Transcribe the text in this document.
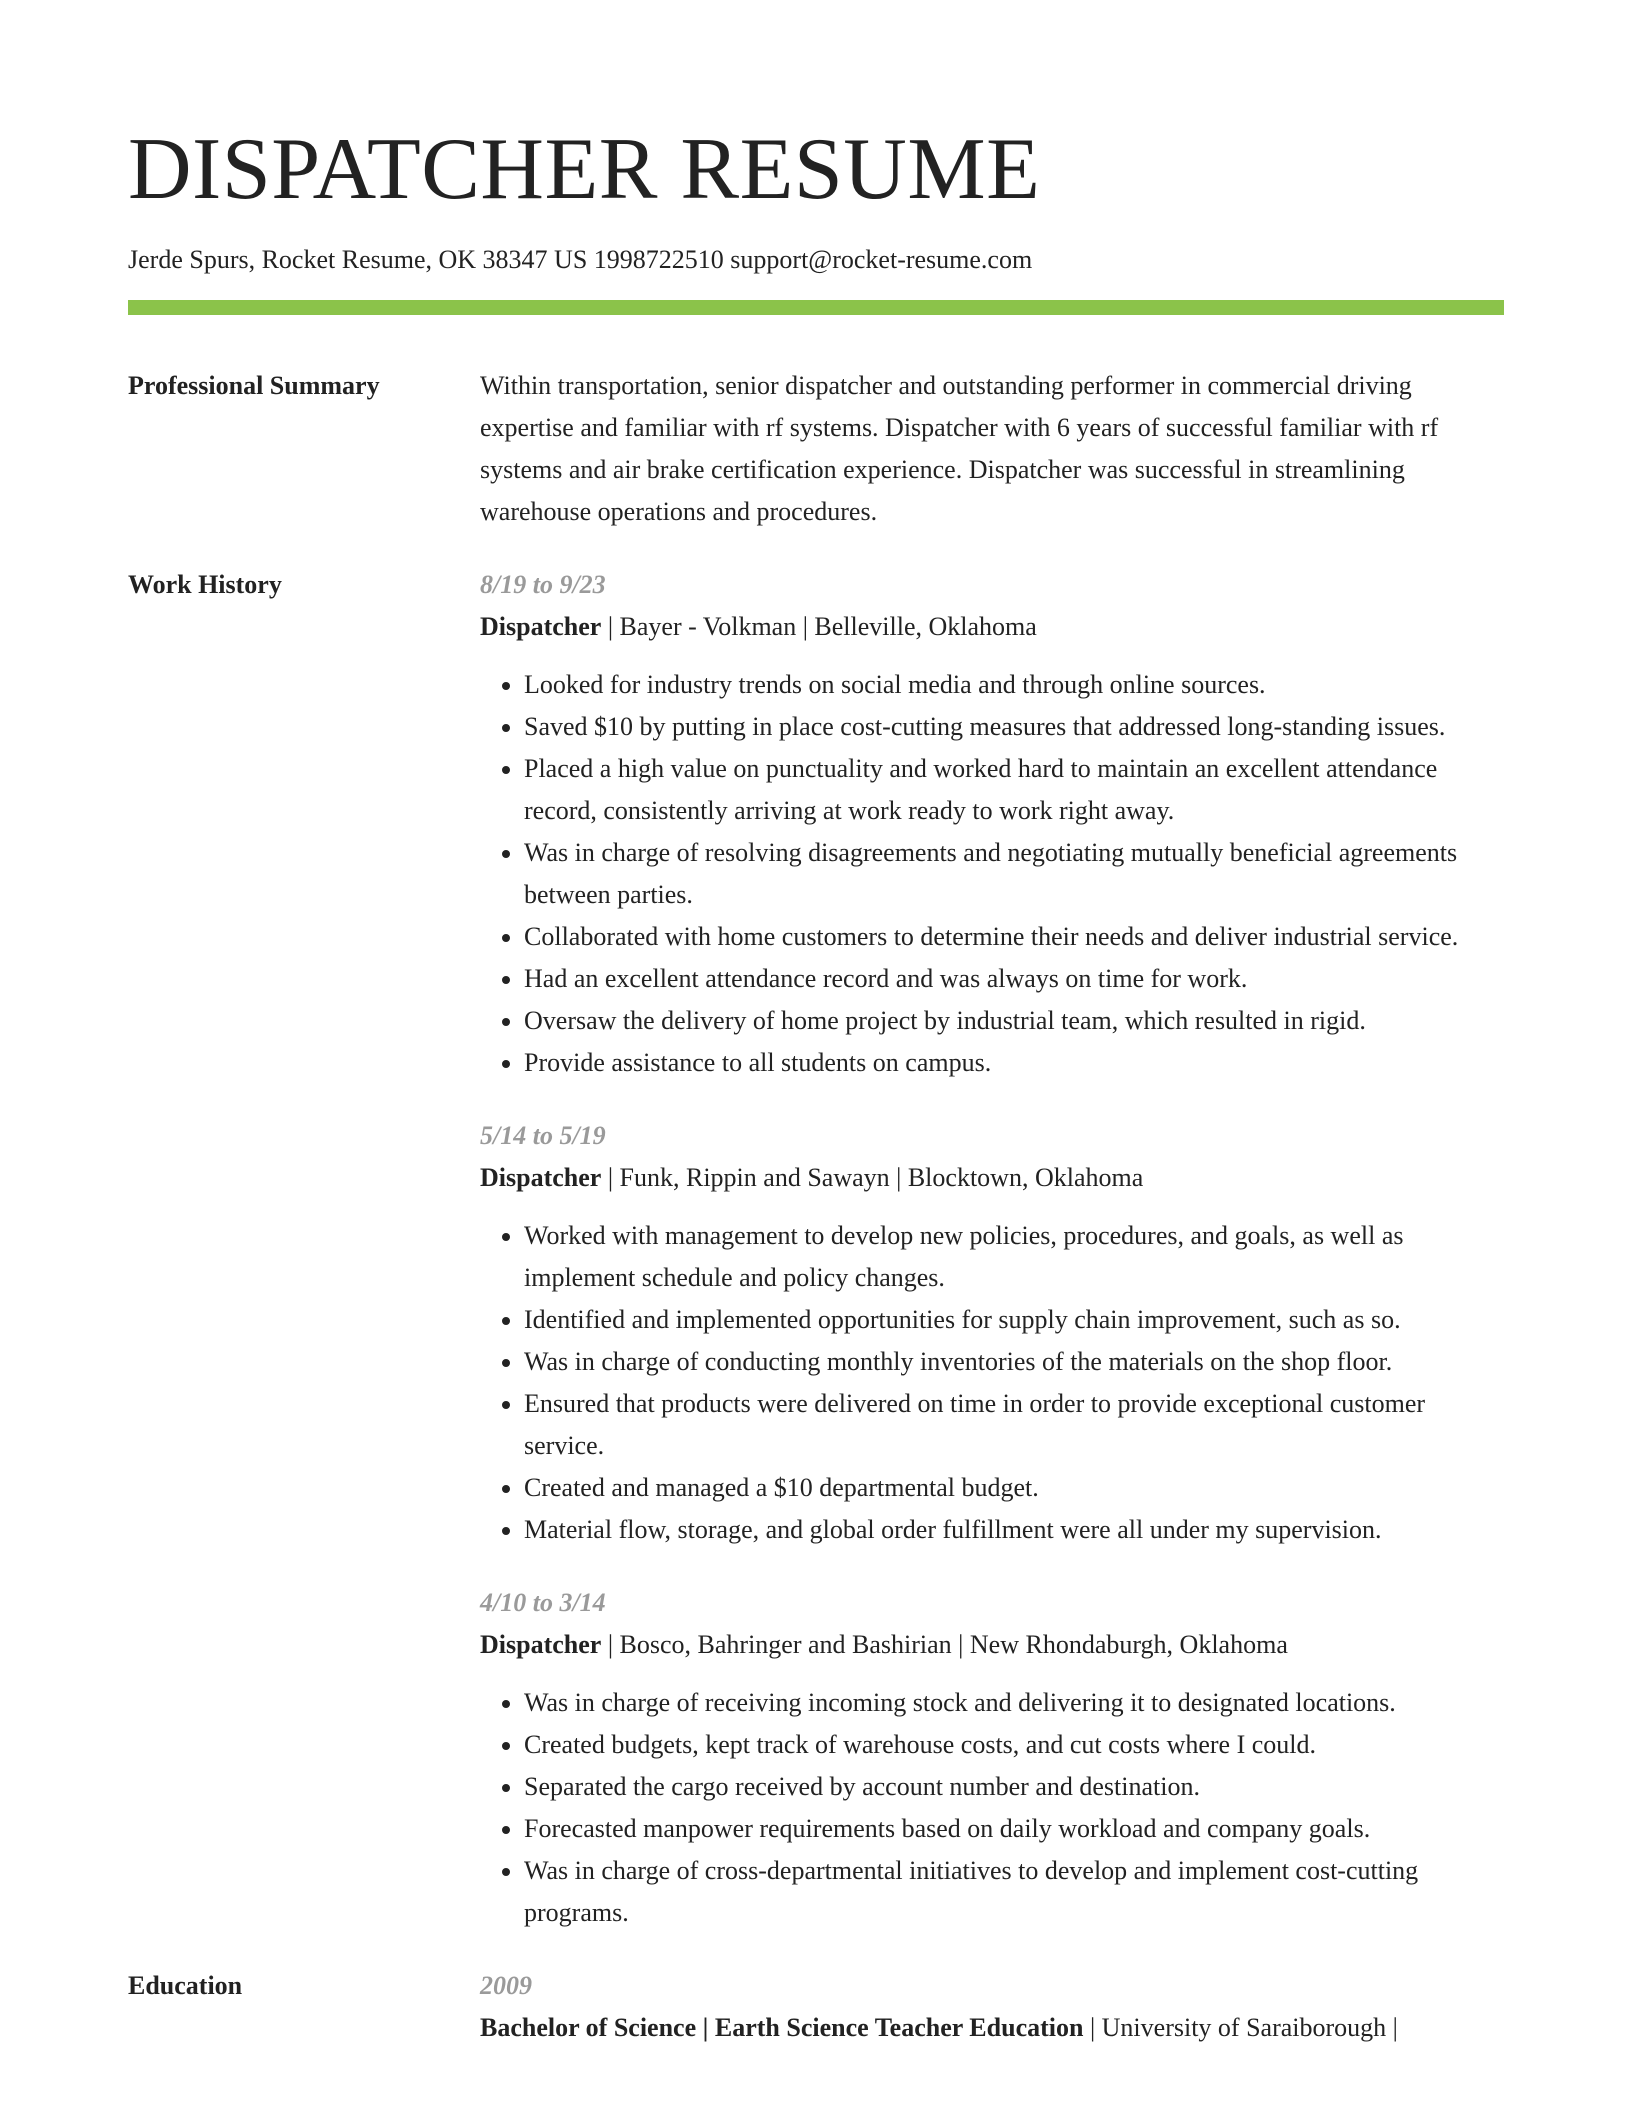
DISPATCHER RESUME
Jerde Spurs, Rocket Resume, OK 38347 US 1998722510 support@rocket-resume.com
Professional Summary	Within transportation, senior dispatcher and outstanding performer in commercial driving expertise and familiar with rf systems. Dispatcher with 6 years of successful familiar with rf systems and air brake certification experience. Dispatcher was successful in streamlining warehouse operations and procedures.
Work History	8/19 to 9/23
Dispatcher | Bayer - Volkman | Belleville, Oklahoma
• Looked for industry trends on social media and through online sources.
• Saved $10 by putting in place cost-cutting measures that addressed long-standing issues.
• Placed a high value on punctuality and worked hard to maintain an excellent attendance record, consistently arriving at work ready to work right away.
• Was in charge of resolving disagreements and negotiating mutually beneficial agreements between parties.
• Collaborated with home customers to determine their needs and deliver industrial service.
• Had an excellent attendance record and was always on time for work.
• Oversaw the delivery of home project by industrial team, which resulted in rigid.
• Provide assistance to all students on campus.
5/14 to 5/19
Dispatcher | Funk, Rippin and Sawayn | Blocktown, Oklahoma
• Worked with management to develop new policies, procedures, and goals, as well as implement schedule and policy changes.
• Identified and implemented opportunities for supply chain improvement, such as so.
• Was in charge of conducting monthly inventories of the materials on the shop floor.
• Ensured that products were delivered on time in order to provide exceptional customer service.
• Created and managed a $10 departmental budget.
• Material flow, storage, and global order fulfillment were all under my supervision.
4/10 to 3/14
Dispatcher | Bosco, Bahringer and Bashirian | New Rhondaburgh, Oklahoma
• Was in charge of receiving incoming stock and delivering it to designated locations.
• Created budgets, kept track of warehouse costs, and cut costs where I could.
• Separated the cargo received by account number and destination.
• Forecasted manpower requirements based on daily workload and company goals.
• Was in charge of cross-departmental initiatives to develop and implement cost-cutting programs.
Education	2009
Bachelor of Science | Earth Science Teacher Education | University of Saraiborough |
